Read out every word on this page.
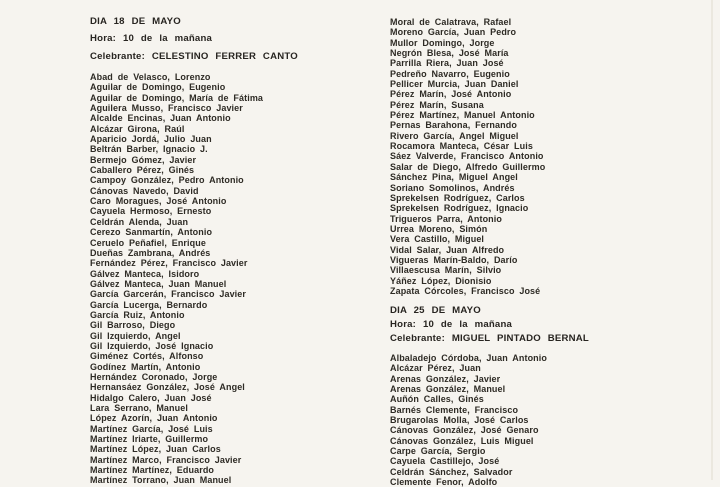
DIA 18 DE MAYO
Hora: 10 de la mañana
Celebrante: CELESTINO FERRER CANTO
Abad de Velasco, Lorenzo
Aguilar de Domingo, Eugenio
Aguilar de Domingo, María de Fátima
Aguilera Musso, Francisco Javier
Alcalde Encinas, Juan Antonio
Alcázar Girona, Raúl
Aparicio Jordá, Julio Juan
Beltrán Barber, Ignacio J.
Bermejo Gómez, Javier
Caballero Pérez, Ginés
Campoy González, Pedro Antonio
Cánovas Navedo, David
Caro Moragues, José Antonio
Cayuela Hermoso, Ernesto
Celdrán Alenda, Juan
Cerezo Sanmartín, Antonio
Ceruelo Peñafiel, Enrique
Dueñas Zambrana, Andrés
Fernández Pérez, Francisco Javier
Gálvez Manteca, Isidoro
Gálvez Manteca, Juan Manuel
García Garcerán, Francisco Javier
García Lucerga, Bernardo
García Ruiz, Antonio
Gil Barroso, Diego
Gil Izquierdo, Angel
Gil Izquierdo, José Ignacio
Giménez Cortés, Alfonso
Godínez Martín, Antonio
Hernández Coronado, Jorge
Hernansáez González, José Angel
Hidalgo Calero, Juan José
Lara Serrano, Manuel
López Azorín, Juan Antonio
Martínez García, José Luis
Martínez Iriarte, Guillermo
Martínez López, Juan Carlos
Martínez Marco, Francisco Javier
Martínez Martínez, Eduardo
Martínez Torrano, Juan Manuel
Moral de Calatrava, Rafael
Moreno García, Juan Pedro
Mullor Domingo, Jorge
Negrón Blesa, José María
Parrilla Riera, Juan José
Pedreño Navarro, Eugenio
Pellicer Murcia, Juan Daniel
Pérez Marín, José Antonio
Pérez Marín, Susana
Pérez Martínez, Manuel Antonio
Pernas Barahona, Fernando
Rivero García, Angel Miguel
Rocamora Manteca, César Luis
Sáez Valverde, Francisco Antonio
Salar de Diego, Alfredo Guillermo
Sánchez Pina, Miguel Angel
Soriano Somolinos, Andrés
Sprekelsen Rodríguez, Carlos
Sprekelsen Rodríguez, Ignacio
Trigueros Parra, Antonio
Urrea Moreno, Simón
Vera Castillo, Miguel
Vidal Salar, Juan Alfredo
Vigueras Marín-Baldo, Darío
Villaescusa Marín, Silvio
Yáñez López, Dionisio
Zapata Córcoles, Francisco José
DIA 25 DE MAYO
Hora: 10 de la mañana
Celebrante: MIGUEL PINTADO BERNAL
Albaladejo Córdoba, Juan Antonio
Alcázar Pérez, Juan
Arenas González, Javier
Arenas González, Manuel
Auñón Calles, Ginés
Barnés Clemente, Francisco
Brugarolas Molla, José Carlos
Cánovas González, José Genaro
Cánovas González, Luis Miguel
Carpe García, Sergio
Cayuela Castillejo, José
Celdrán Sánchez, Salvador
Clemente Fenor, Adolfo
